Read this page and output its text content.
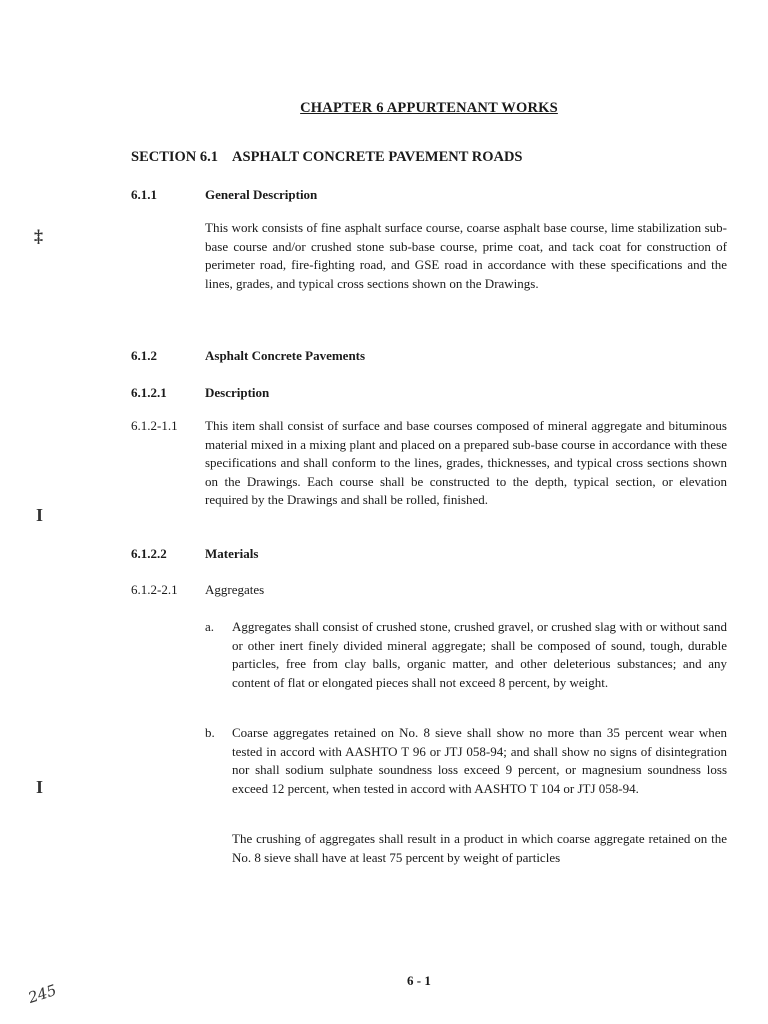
CHAPTER 6 APPURTENANT WORKS
SECTION 6.1 ASPHALT CONCRETE PAVEMENT ROADS
6.1.1	General Description
This work consists of fine asphalt surface course, coarse asphalt base course, lime stabilization sub-base course and/or crushed stone sub-base course, prime coat, and tack coat for construction of perimeter road, fire-fighting road, and GSE road in accordance with these specifications and the lines, grades, and typical cross sections shown on the Drawings.
6.1.2	Asphalt Concrete Pavements
6.1.2.1	Description
6.1.2-1.1 This item shall consist of surface and base courses composed of mineral aggregate and bituminous material mixed in a mixing plant and placed on a prepared sub-base course in accordance with these specifications and shall conform to the lines, grades, thicknesses, and typical cross sections shown on the Drawings. Each course shall be constructed to the depth, typical section, or elevation required by the Drawings and shall be rolled, finished.
6.1.2.2	Materials
6.1.2-2.1 Aggregates
a. Aggregates shall consist of crushed stone, crushed gravel, or crushed slag with or without sand or other inert finely divided mineral aggregate; shall be composed of sound, tough, durable particles, free from clay balls, organic matter, and other deleterious substances; and any content of flat or elongated pieces shall not exceed 8 percent, by weight.
b. Coarse aggregates retained on No. 8 sieve shall show no more than 35 percent wear when tested in accord with AASHTO T 96 or JTJ 058-94; and shall show no signs of disintegration nor shall sodium sulphate soundness loss exceed 9 percent, or magnesium soundness loss exceed 12 percent, when tested in accord with AASHTO T 104 or JTJ 058-94.
The crushing of aggregates shall result in a product in which coarse aggregate retained on the No. 8 sieve shall have at least 75 percent by weight of particles
6 - 1
‡
I
I
245
